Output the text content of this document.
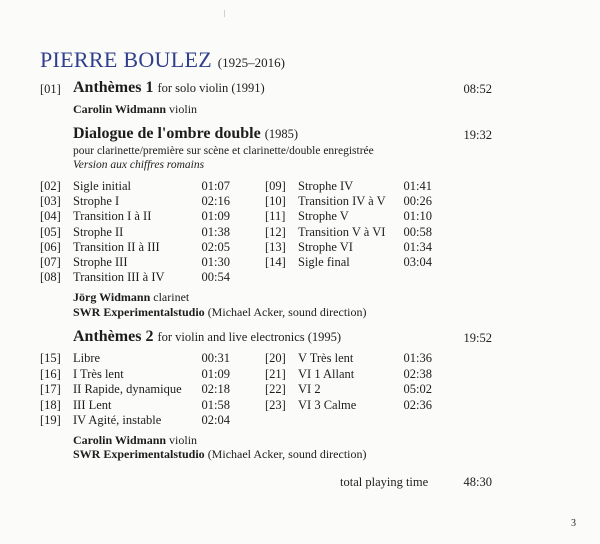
PIERRE BOULEZ (1925–2016)
[01] Anthèmes 1 for solo violin (1991)	08:52
Carolin Widmann violin
Dialogue de l'ombre double (1985)	19:32
pour clarinette/première sur scène et clarinette/double enregistrée
Version aux chiffres romains
[02] Sigle initial	01:07
[03] Strophe I	02:16
[04] Transition I à II	01:09
[05] Strophe II	01:38
[06] Transition II à III	02:05
[07] Strophe III	01:30
[08] Transition III à IV	00:54
[09] Strophe IV	01:41
[10] Transition IV à V	00:26
[11] Strophe V	01:10
[12] Transition V à VI	00:58
[13] Strophe VI	01:34
[14] Sigle final	03:04
Jörg Widmann clarinet
SWR Experimentalstudio (Michael Acker, sound direction)
Anthèmes 2 for violin and live electronics (1995)	19:52
[15] Libre	00:31
[16] I Très lent	01:09
[17] II Rapide, dynamique	02:18
[18] III Lent	01:58
[19] IV Agité, instable	02:04
[20] V Très lent	01:36
[21] VI 1 Allant	02:38
[22] VI 2	05:02
[23] VI 3 Calme	02:36
Carolin Widmann violin
SWR Experimentalstudio (Michael Acker, sound direction)
total playing time	48:30
3
